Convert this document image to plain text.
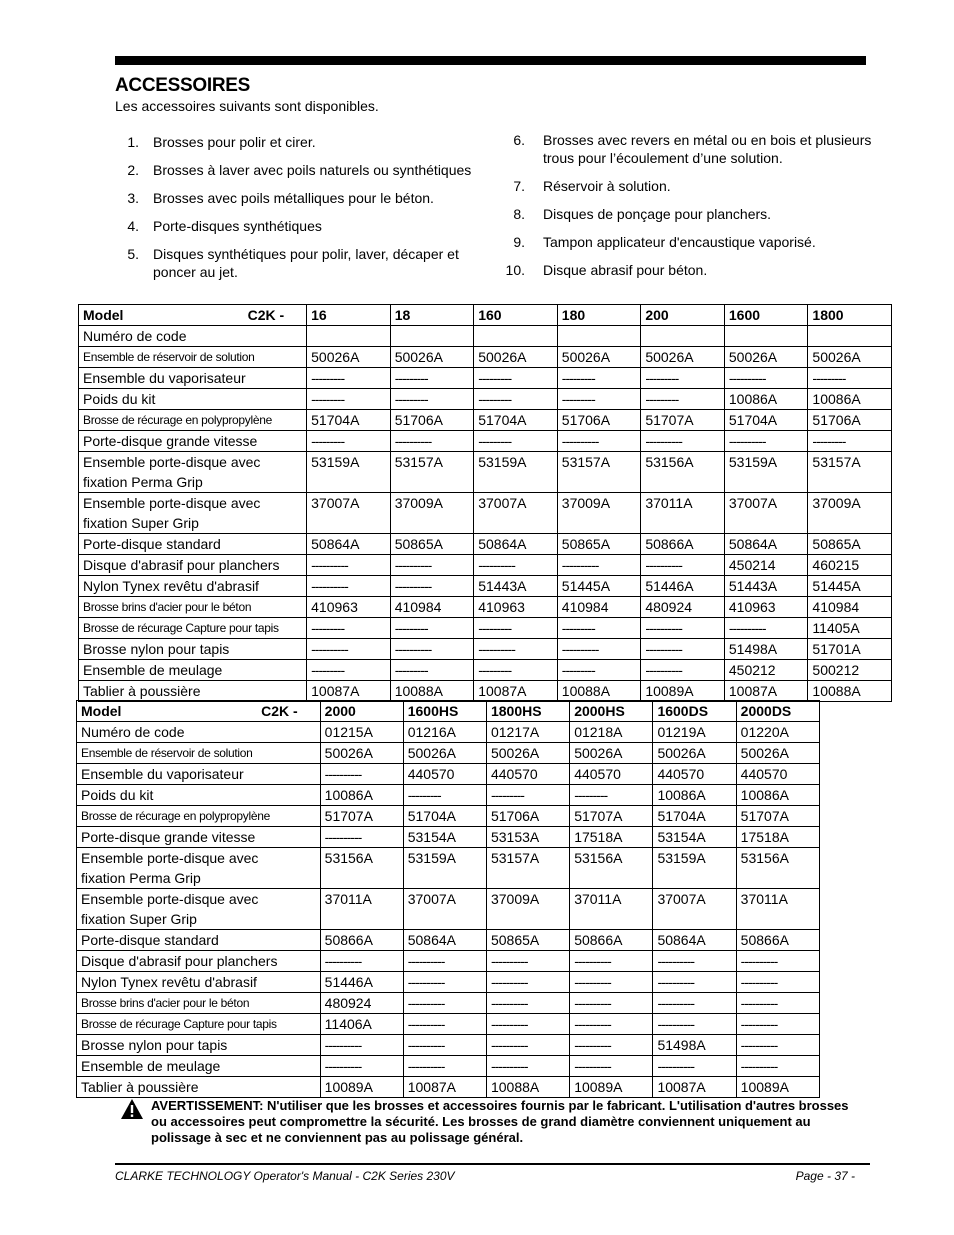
ACCESSOIRES

Les accessoires suivants sont disponibles.

1. Brosses pour polir et cirer.
2. Brosses à laver avec poils naturels ou synthétiques
3. Brosses avec poils métalliques pour le béton.
4. Porte-disques synthétiques
5. Disques synthétiques pour polir, laver, décaper et poncer au jet.
6. Brosses avec revers en métal ou en bois et plusieurs trous pour l’écoulement d’une solution.
7. Réservoir à solution.
8. Disques de ponçage pour planchers.
9. Tampon applicateur d'encaustique vaporisé.
10. Disque abrasif pour béton.
Model C2K -	16	18	160	180	200	1600	1800
Numéro de code							
Ensemble de réservoir de solution	50026A	50026A	50026A	50026A	50026A	50026A	50026A
Ensemble du vaporisateur	---------	---------	---------	---------	---------	----------	---------
Poids du kit	---------	---------	---------	---------	---------	10086A	10086A
Brosse de récurage en polypropylène	51704A	51706A	51704A	51706A	51707A	51704A	51706A
Porte-disque grande vitesse	---------	----------	---------	----------	----------	----------	---------
Ensemble porte-disque avec
fixation Perma Grip	53159A	53157A	53159A	53157A	53156A	53159A	53157A
Ensemble porte-disque avec
fixation Super Grip	37007A	37009A	37007A	37009A	37011A	37007A	37009A
Porte-disque standard	50864A	50865A	50864A	50865A	50866A	50864A	50865A
Disque d'abrasif pour planchers	----------	----------	----------	----------	----------	450214	460215
Nylon Tynex revêtu d'abrasif	----------	----------	51443A	51445A	51446A	51443A	51445A
Brosse brins d'acier pour le béton	410963	410984	410963	410984	480924	410963	410984
Brosse de récurage Capture pour tapis	---------	---------	---------	---------	----------	----------	11405A
Brosse nylon pour tapis	----------	----------	----------	----------	----------	51498A	51701A
Ensemble de meulage	---------	---------	---------	---------	----------	450212	500212
Tablier à poussière	10087A	10088A	10087A	10088A	10089A	10087A	10088A
Model C2K -	2000	1600HS	1800HS	2000HS	1600DS	2000DS
Numéro de code	01215A	01216A	01217A	01218A	01219A	01220A
Ensemble de réservoir de solution	50026A	50026A	50026A	50026A	50026A	50026A
Ensemble du vaporisateur	----------	440570	440570	440570	440570	440570
Poids du kit	10086A	---------	---------	---------	10086A	10086A
Brosse de récurage en polypropylène	51707A	51704A	51706A	51707A	51704A	51707A
Porte-disque grande vitesse	----------	53154A	53153A	17518A	53154A	17518A
Ensemble porte-disque avec
fixation Perma Grip	53156A	53159A	53157A	53156A	53159A	53156A
Ensemble porte-disque avec
fixation Super Grip	37011A	37007A	37009A	37011A	37007A	37011A
Porte-disque standard	50866A	50864A	50865A	50866A	50864A	50866A
Disque d'abrasif pour planchers	----------	----------	----------	----------	----------	----------
Nylon Tynex revêtu d'abrasif	51446A	----------	----------	----------	----------	----------
Brosse brins d'acier pour le béton	480924	----------	----------	----------	----------	----------
Brosse de récurage Capture pour tapis	11406A	----------	----------	----------	----------	----------
Brosse nylon pour tapis	----------	----------	----------	----------	51498A	----------
Ensemble de meulage	----------	----------	----------	----------	----------	----------
Tablier à poussière	10089A	10087A	10088A	10089A	10087A	10089A
AVERTISSEMENT: N'utiliser que les brosses et accessoires fournis par le fabricant. L'utilisation d'autres brosses ou accessoires peut compromettre la sécurité. Les brosses de grand diamètre conviennent uniquement au polissage à sec et ne conviennent pas au polissage général.
CLARKE TECHNOLOGY Operator's Manual - C2K Series 230V	Page - 37 -
